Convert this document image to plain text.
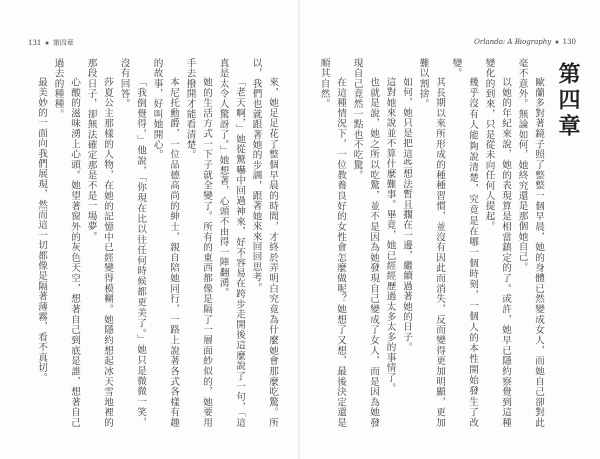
131 ★ 第四章

來，她足足花了整個早晨的時間，才終於弄明白究竟為什麼她會那麼吃驚。所以，我們也就跟著她的步調，跟著她來來回回思考。

「老天啊，」她從驚嚇中回過神來，好不容易在跨步走開後這麼說了一句，「這真是太令人驚訝了。」她想著，心頭不由得一陣翻湧。

她的生活方式一下子就全變了。所有的東西都像是隔了一層面紗似的，她要用手去撥開才能看清楚。

本尼托勳爵，一位品德高尚的紳士，親自陪她同行，一路上說著各式各樣有趣的故事，好叫她開心。

「我倒覺得，」他說，「你現在比以往任何時候都更美了。」她只是微微一笑，沒有回答。

莎夏公主那樣的人物，在她的記憶中已經變得模糊。她隱約想起冰天雪地裡的那段日子，卻無法確定那是不是一場夢。

心酸的滋味湧上心頭。她望著窗外的灰色天空，想著自己到底是誰，想著自己過去的種種。

最美妙的一面向我們展現，然而這一切都像是隔著薄霧，看不真切。

Orlando: A Biography ★ 130
第四章

歐蘭多對著鏡子照了整整一個早晨，她的身體已然變成女人，而她自己卻對此毫不意外。無論如何，她終究還是那個她自己。

以她的年紀來說，她的表現算是相當鎮定的了。或許，她早已隱約察覺到這種變化的到來，只是從未向任何人提起。

幾乎沒有人能夠說清楚，究竟是在哪一個時刻，一個人的本性開始發生了改變。

其長期以來所形成的種種習慣，並沒有因此而消失，反而變得更加明顯，更加難以割捨。

如何，她只是把這些想法暫且擱在一邊，繼續過著她的日子。

這對她來說並不算什麼難事。畢竟，她已經經歷過太多太多的事情了。

也就是說，她之所以吃驚，並不是因為她發現自己變成了女人，而是因為她發現自己竟然一點也不吃驚。

在這種情況下，一位教養良好的女性會怎麼做呢？她想了又想，最後決定還是順其自然。
